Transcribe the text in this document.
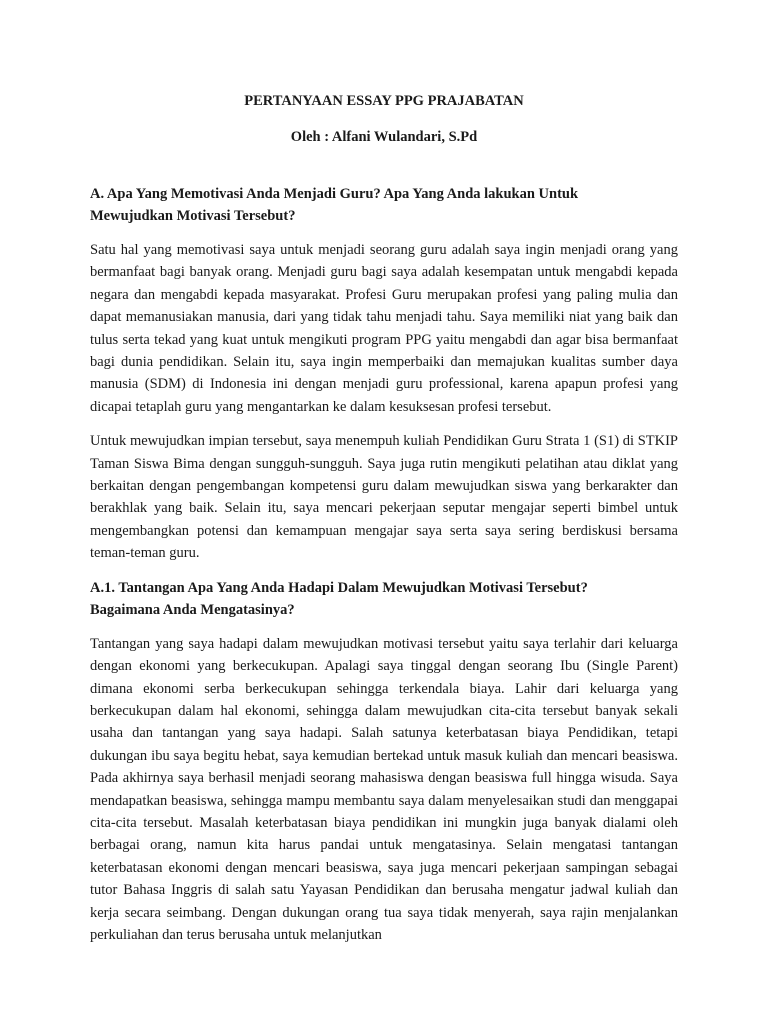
PERTANYAAN ESSAY PPG PRAJABATAN

Oleh : Alfani Wulandari, S.Pd

A. Apa Yang Memotivasi Anda Menjadi Guru? Apa Yang Anda lakukan Untuk
Mewujudkan Motivasi Tersebut?

Satu hal yang memotivasi saya untuk menjadi seorang guru adalah saya ingin menjadi orang yang bermanfaat bagi banyak orang. Menjadi guru bagi saya adalah kesempatan untuk mengabdi kepada negara dan mengabdi kepada masyarakat. Profesi Guru merupakan profesi yang paling mulia dan dapat memanusiakan manusia, dari yang tidak tahu menjadi tahu. Saya memiliki niat yang baik dan tulus serta tekad yang kuat untuk mengikuti program PPG yaitu mengabdi dan agar bisa bermanfaat bagi dunia pendidikan. Selain itu, saya ingin memperbaiki dan memajukan kualitas sumber daya manusia (SDM) di Indonesia ini dengan menjadi guru professional, karena apapun profesi yang dicapai tetaplah guru yang mengantarkan ke dalam kesuksesan profesi tersebut.

Untuk mewujudkan impian tersebut, saya menempuh kuliah Pendidikan Guru Strata 1 (S1) di STKIP Taman Siswa Bima dengan sungguh-sungguh. Saya juga rutin mengikuti pelatihan atau diklat yang berkaitan dengan pengembangan kompetensi guru dalam mewujudkan siswa yang berkarakter dan berakhlak yang baik. Selain itu, saya mencari pekerjaan seputar mengajar seperti bimbel untuk mengembangkan potensi dan kemampuan mengajar saya serta saya sering berdiskusi bersama teman-teman guru.

A.1. Tantangan Apa Yang Anda Hadapi Dalam Mewujudkan Motivasi Tersebut?
Bagaimana Anda Mengatasinya?

Tantangan yang saya hadapi dalam mewujudkan motivasi tersebut yaitu saya terlahir dari keluarga dengan ekonomi yang berkecukupan. Apalagi saya tinggal dengan seorang Ibu (Single Parent) dimana ekonomi serba berkecukupan sehingga terkendala biaya. Lahir dari keluarga yang berkecukupan dalam hal ekonomi, sehingga dalam mewujudkan cita-cita tersebut banyak sekali usaha dan tantangan yang saya hadapi. Salah satunya keterbatasan biaya Pendidikan, tetapi dukungan ibu saya begitu hebat, saya kemudian bertekad untuk masuk kuliah dan mencari beasiswa. Pada akhirnya saya berhasil menjadi seorang mahasiswa dengan beasiswa full hingga wisuda. Saya mendapatkan beasiswa, sehingga mampu membantu saya dalam menyelesaikan studi dan menggapai cita-cita tersebut. Masalah keterbatasan biaya pendidikan ini mungkin juga banyak dialami oleh berbagai orang, namun kita harus pandai untuk mengatasinya. Selain mengatasi tantangan keterbatasan ekonomi dengan mencari beasiswa, saya juga mencari pekerjaan sampingan sebagai tutor Bahasa Inggris di salah satu Yayasan Pendidikan dan berusaha mengatur jadwal kuliah dan kerja secara seimbang. Dengan dukungan orang tua saya tidak menyerah, saya rajin menjalankan perkuliahan dan terus berusaha untuk melanjutkan
